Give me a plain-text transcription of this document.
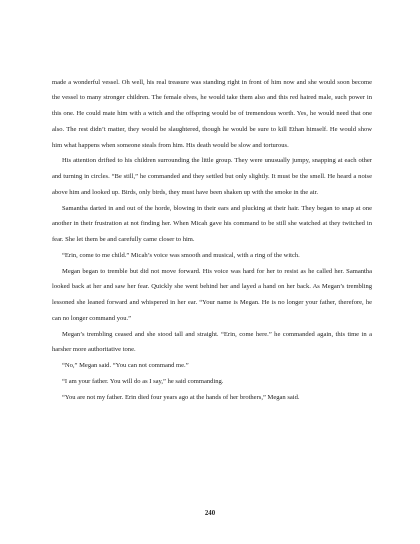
made a wonderful vessel. Oh well, his real treasure was standing right in front of him now and she would soon become the vessel to many stronger children. The female elves, he would take them also and this red haired male, such power in this one. He could mate him with a witch and the offspring would be of tremendous worth. Yes, he would need that one also. The rest didn’t matter, they would be slaughtered, though he would be sure to kill Ethan himself. He would show him what happens when someone steals from him. His death would be slow and torturous.

His attention drifted to his children surrounding the little group. They were unusually jumpy, snapping at each other and turning in circles. “Be still,” he commanded and they settled but only slightly. It must be the smell. He heard a noise above him and looked up. Birds, only birds, they must have been shaken up with the smoke in the air.

Samantha darted in and out of the horde, blowing in their ears and plucking at their hair. They began to snap at one another in their frustration at not finding her. When Micah gave his command to be still she watched at they twitched in fear. She let them be and carefully came closer to him.

“Erin, come to me child.” Micah’s voice was smooth and musical, with a ring of the witch.

Megan began to tremble but did not move forward. His voice was hard for her to resist as he called her. Samantha looked back at her and saw her fear. Quickly she went behind her and layed a hand on her back. As Megan’s trembling lessoned she leaned forward and whispered in her ear. “Your name is Megan. He is no longer your father, therefore, he can no longer command you.”

Megan’s trembling ceased and she stood tall and straight. “Erin, come here.” he commanded again, this time in a harsher more authoritative tone.

“No,” Megan said. “You can not command me.”

“I am your father. You will do as I say,” he said commanding.

“You are not my father. Erin died four years ago at the hands of her brothers,” Megan said.

240
